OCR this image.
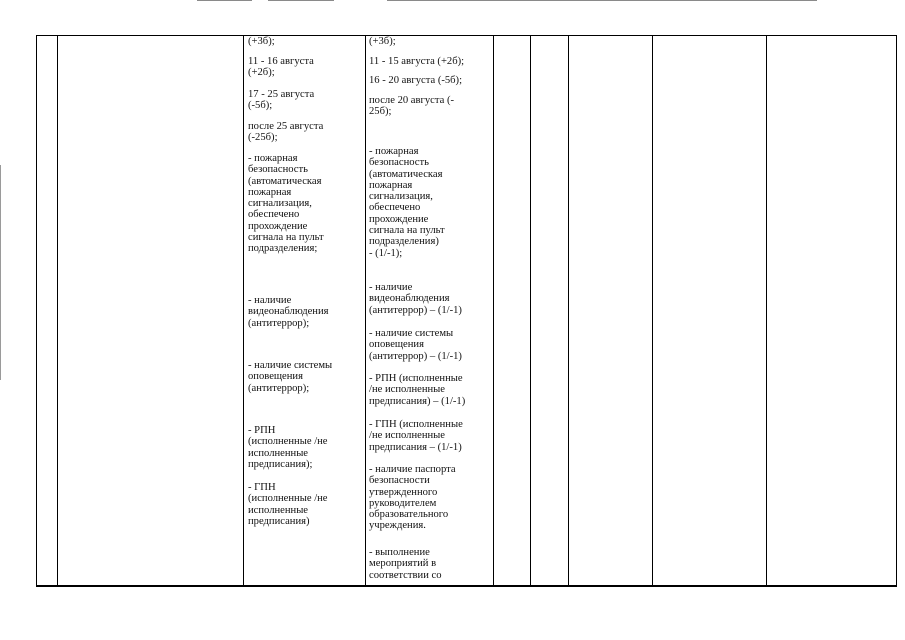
(+3б);
11 - 16 августа
(+2б);
17 - 25 августа
(-5б);
после 25 августа
(-25б);
- пожарная
безопасность
(автоматическая
пожарная
сигнализация,
обеспечено
прохождение
сигнала на пульт
подразделения;
- наличие
видеонаблюдения
(антитеррор);
- наличие системы
оповещения
(антитеррор);
- РПН
(исполненные /не
исполненные
предписания);
- ГПН
(исполненные /не
исполненные
предписания)
(+3б);
11 - 15 августа (+2б);
16 - 20 августа (-5б);
после 20 августа (-
25б);
- пожарная
безопасность
(автоматическая
пожарная
сигнализация,
обеспечено
прохождение
сигнала на пульт
подразделения)
- (1/-1);
- наличие
видеонаблюдения
(антитеррор) – (1/-1)
- наличие системы
оповещения
(антитеррор) – (1/-1)
- РПН (исполненные
/не исполненные
предписания) – (1/-1)
- ГПН (исполненные
/не исполненные
предписания – (1/-1)
- наличие паспорта
безопасности
утвержденного
руководителем
образовательного
учреждения.
- выполнение
мероприятий в
соответствии со
